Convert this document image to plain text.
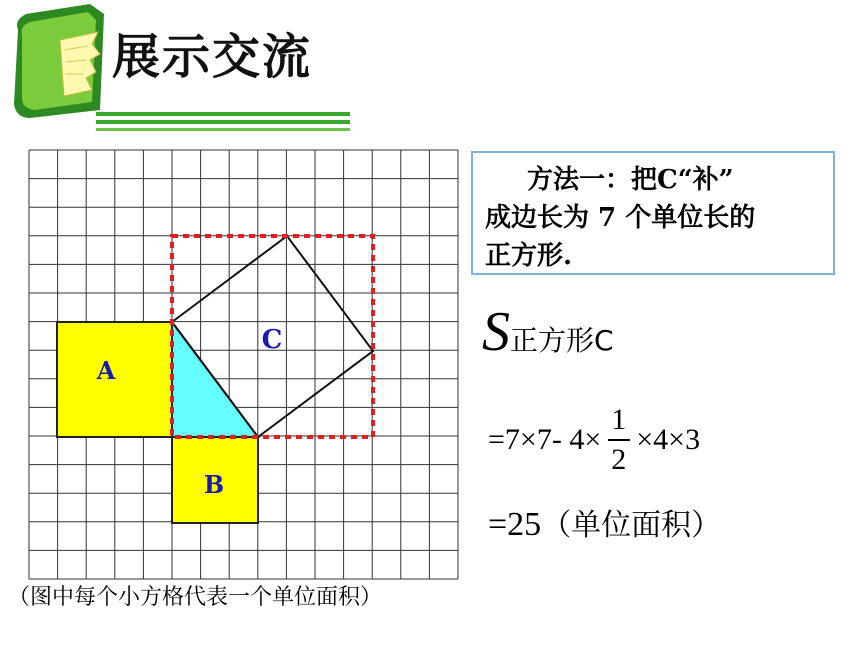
展示交流
A
B
C
方法一：把C“补”
成边长为 7 个单位长的
正方形.
S正方形C
=7×7- $4\times \frac{1}{2} \times 4\times 3$
=25（单位面积）
（图中每个小方格代表一个单位面积）
